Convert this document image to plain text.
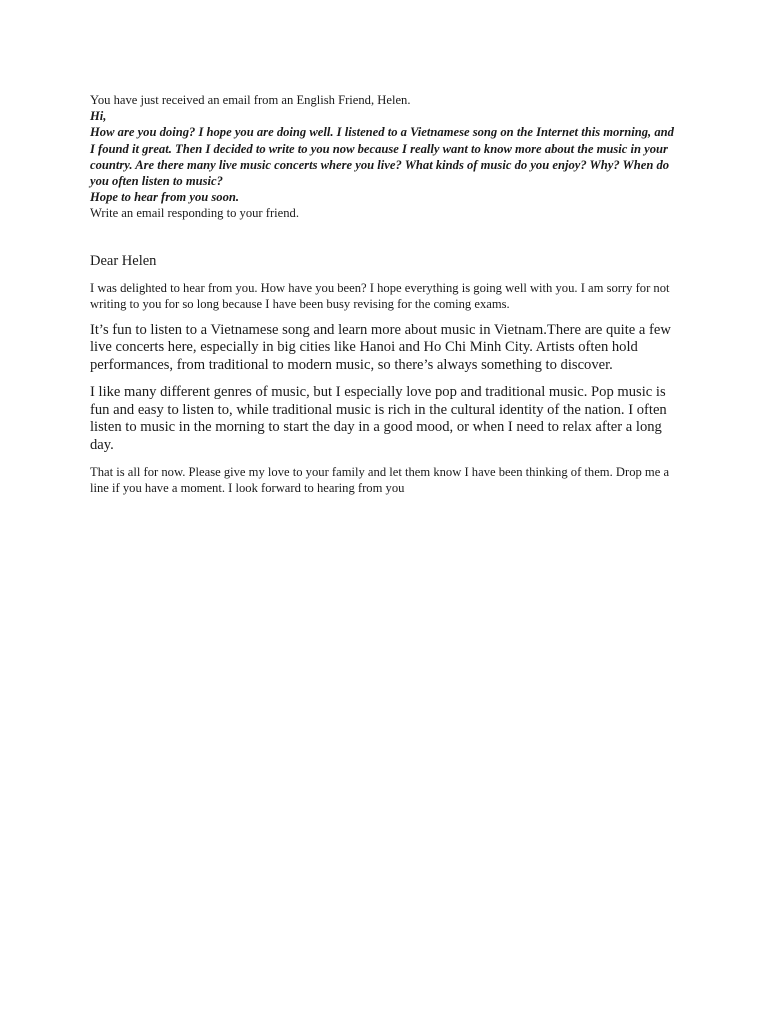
You have just received an email from an English Friend, Helen.
Hi,
How are you doing? I hope you are doing well. I listened to a Vietnamese song on the Internet this morning, and I found it great. Then I decided to write to you now because I really want to know more about the music in your country. Are there many live music concerts where you live? What kinds of music do you enjoy? Why? When do you often listen to music?
Hope to hear from you soon.
Write an email responding to your friend.
Dear Helen

I was delighted to hear from you. How have you been? I hope everything is going well with you. I am sorry for not writing to you for so long because I have been busy revising for the coming exams.

It’s fun to listen to a Vietnamese song and learn more about music in Vietnam.There are quite a few live concerts here, especially in big cities like Hanoi and Ho Chi Minh City. Artists often hold performances, from traditional to modern music, so there’s always something to discover.

I like many different genres of music, but I especially love pop and traditional music. Pop music is fun and easy to listen to, while traditional music is rich in the cultural identity of the nation. I often listen to music in the morning to start the day in a good mood, or when I need to relax after a long day.

That is all for now. Please give my love to your family and let them know I have been thinking of them. Drop me a line if you have a moment. I look forward to hearing from you
